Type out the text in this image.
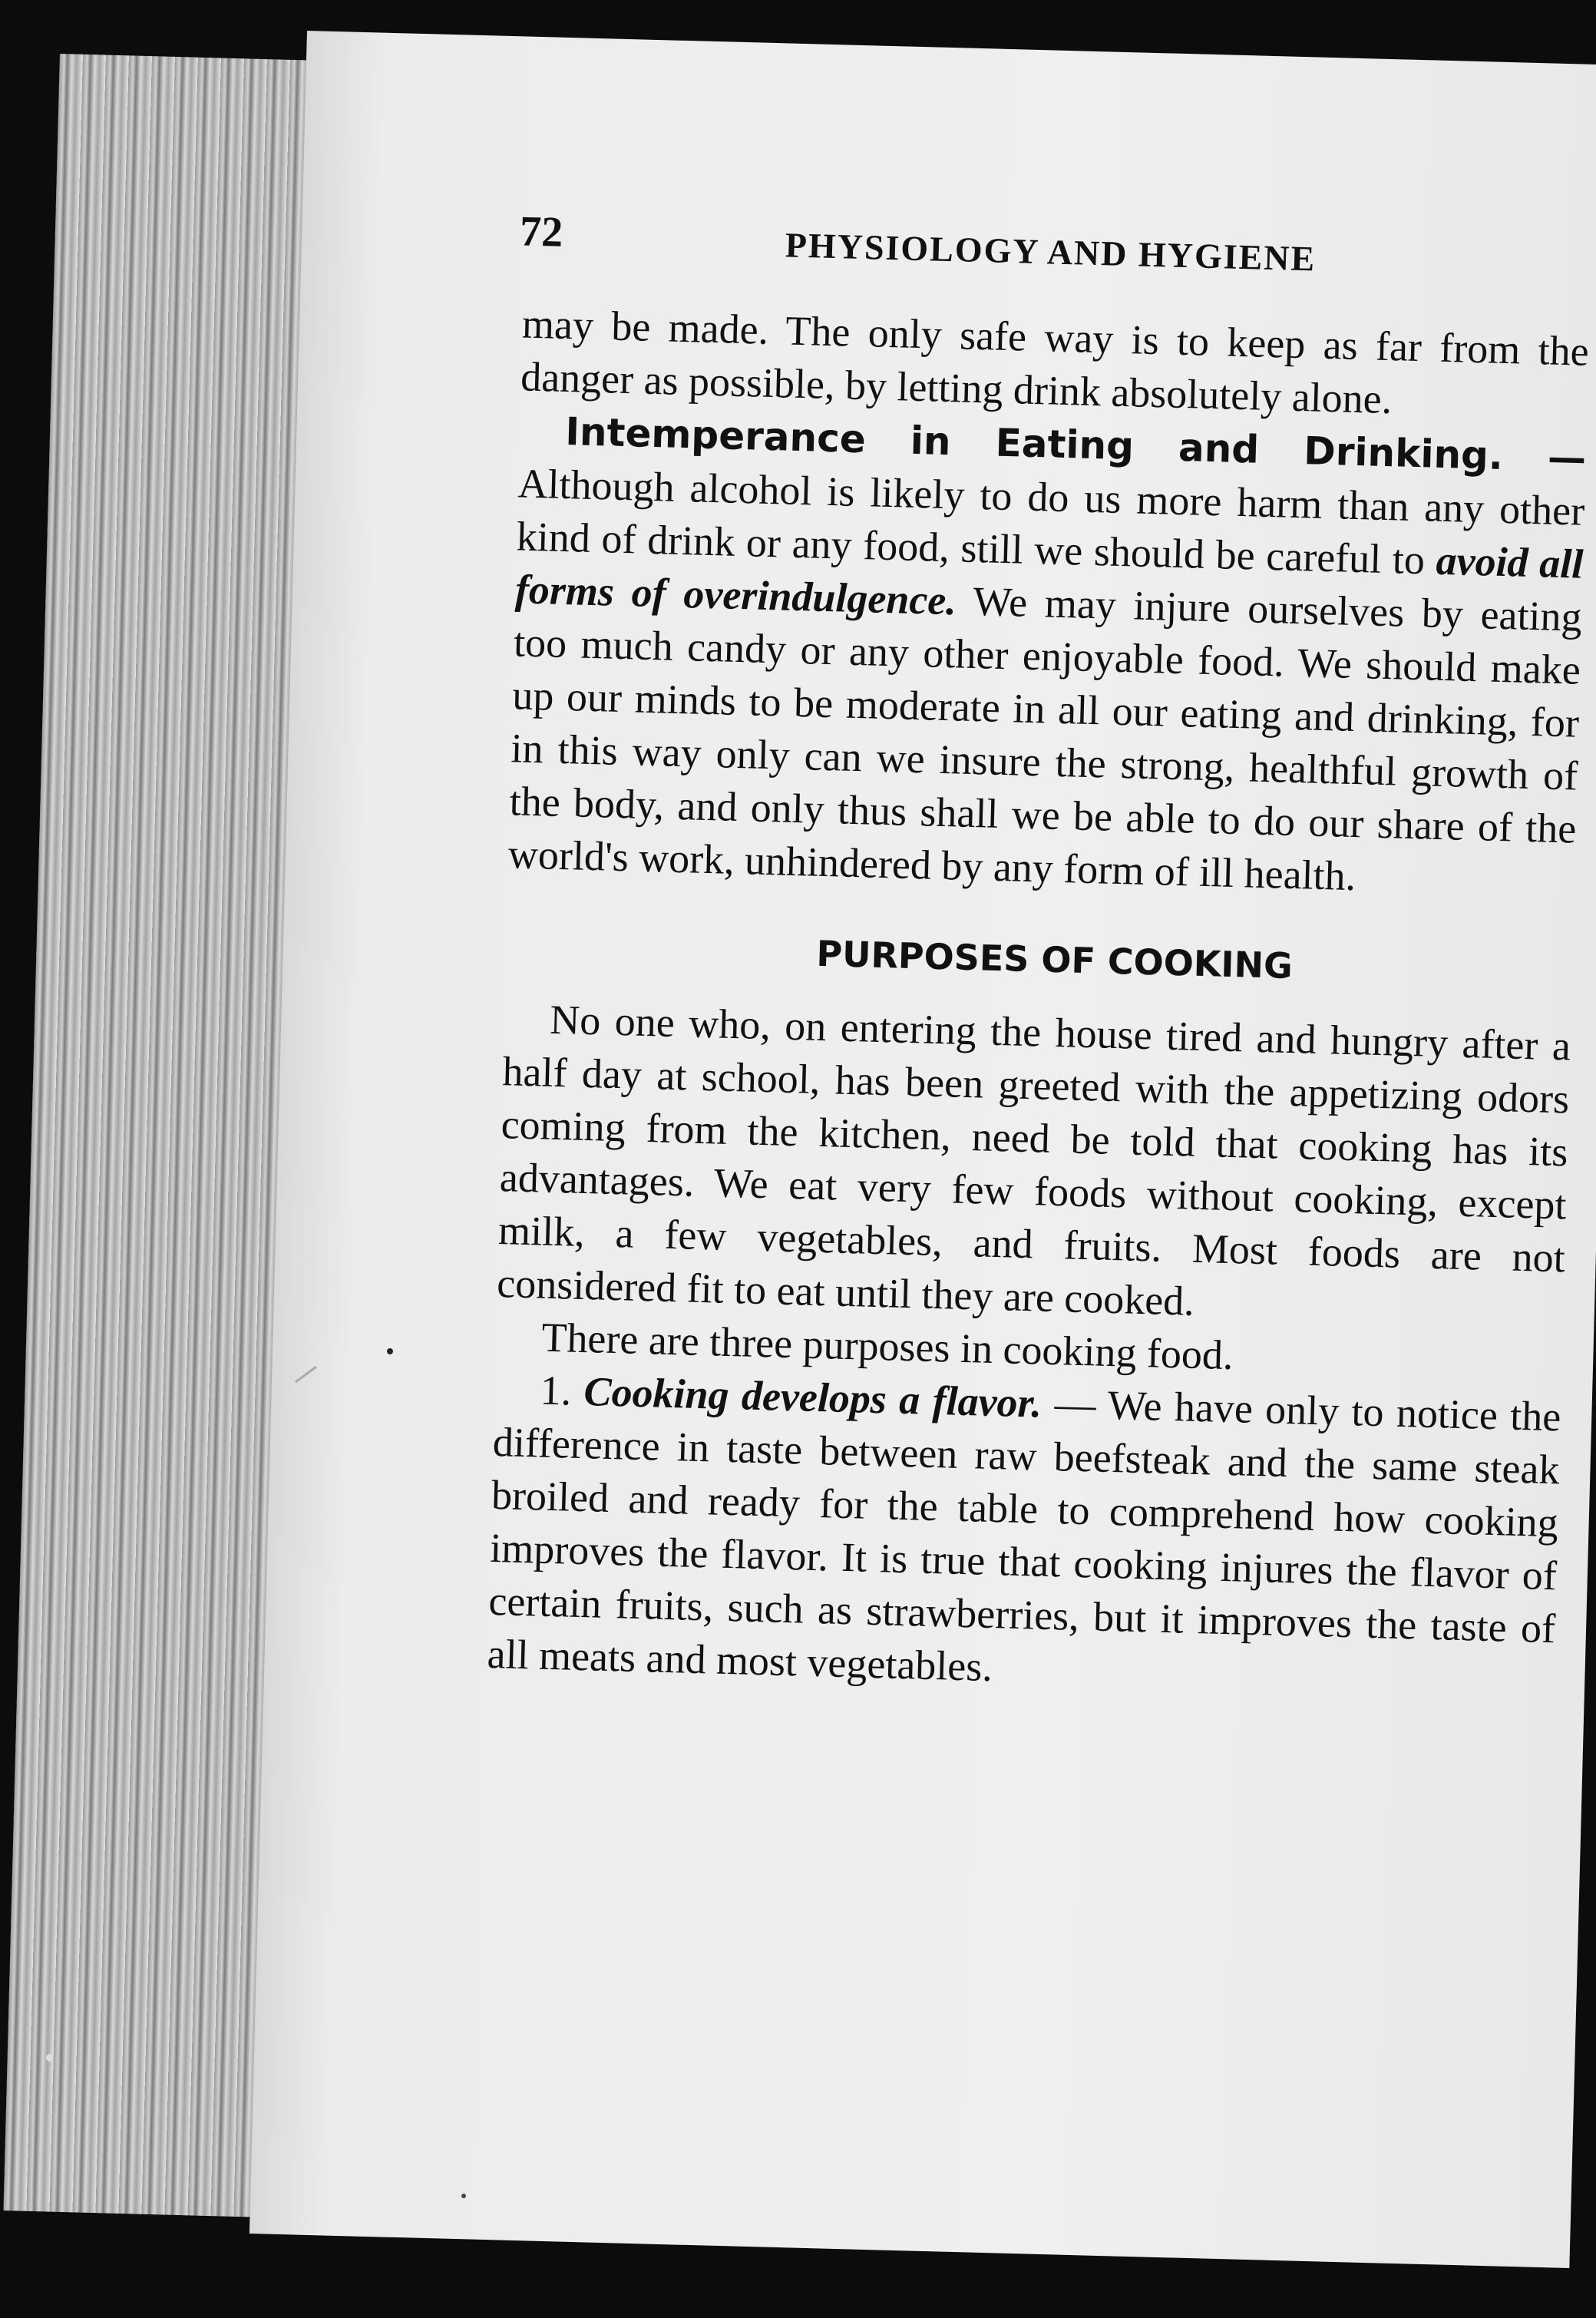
72	PHYSIOLOGY AND HYGIENE

may be made. The only safe way is to keep as far from the danger as possible, by letting drink absolutely alone.

Intemperance in Eating and Drinking. — Although alcohol is likely to do us more harm than any other kind of drink or any food, still we should be careful to avoid all forms of overindulgence. We may injure ourselves by eating too much candy or any other enjoyable food. We should make up our minds to be moderate in all our eating and drinking, for in this way only can we insure the strong, healthful growth of the body, and only thus shall we be able to do our share of the world's work, unhindered by any form of ill health.

PURPOSES OF COOKING

No one who, on entering the house tired and hungry after a half day at school, has been greeted with the appetizing odors coming from the kitchen, need be told that cooking has its advantages. We eat very few foods without cooking, except milk, a few vegetables, and fruits. Most foods are not considered fit to eat until they are cooked.

There are three purposes in cooking food.

1. Cooking develops a flavor. — We have only to notice the difference in taste between raw beefsteak and the same steak broiled and ready for the table to comprehend how cooking improves the flavor. It is true that cooking injures the flavor of certain fruits, such as strawberries, but it improves the taste of all meats and most vegetables.
